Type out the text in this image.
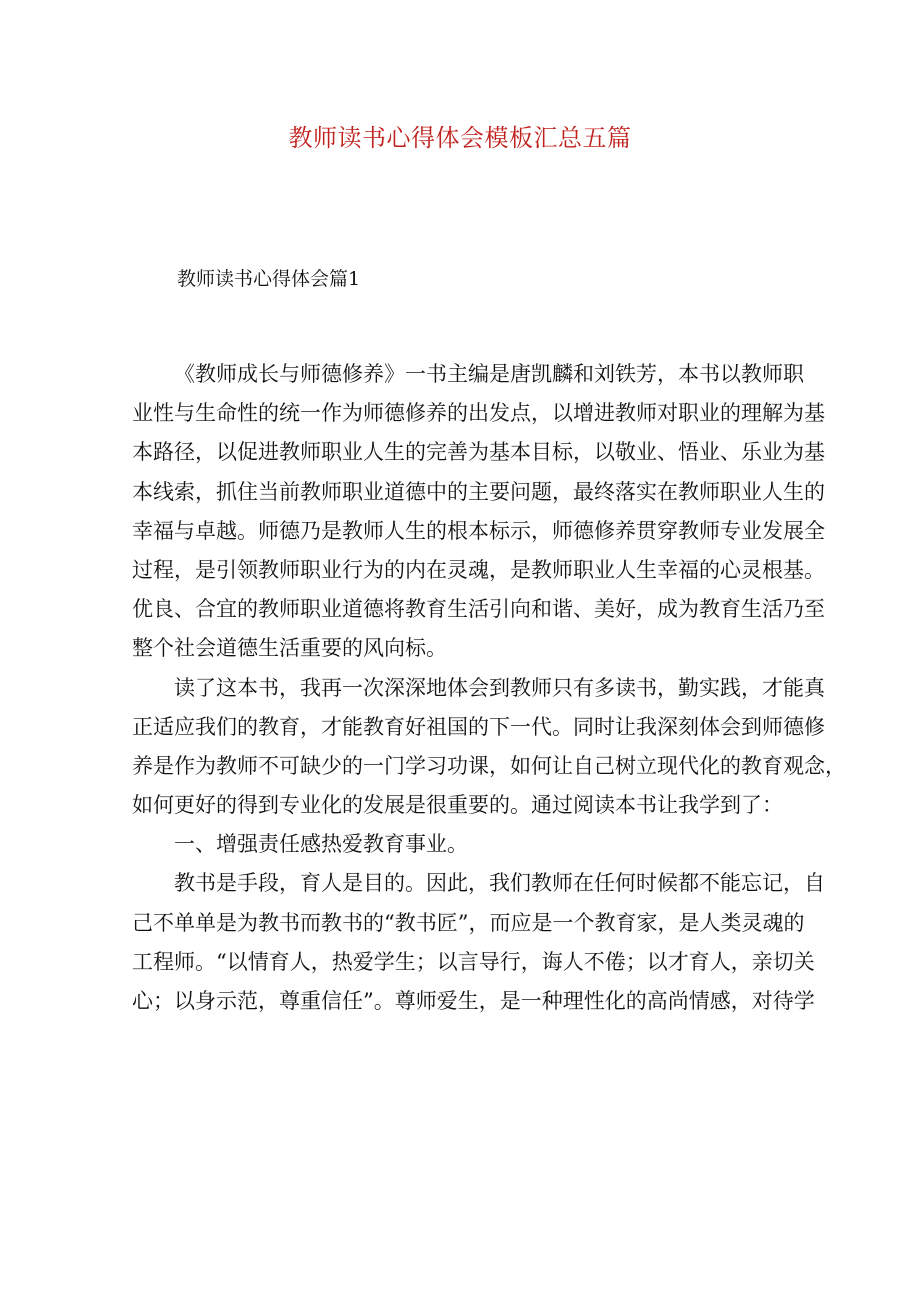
教师读书心得体会模板汇总五篇
教师读书心得体会篇1
《教师成长与师德修养》一书主编是唐凯麟和刘铁芳，本书以教师职
业性与生命性的统一作为师德修养的出发点，以增进教师对职业的理解为基
本路径，以促进教师职业人生的完善为基本目标，以敬业、悟业、乐业为基
本线索，抓住当前教师职业道德中的主要问题，最终落实在教师职业人生的
幸福与卓越。师德乃是教师人生的根本标示，师德修养贯穿教师专业发展全
过程，是引领教师职业行为的内在灵魂，是教师职业人生幸福的心灵根基。
优良、合宜的教师职业道德将教育生活引向和谐、美好，成为教育生活乃至
整个社会道德生活重要的风向标。
读了这本书，我再一次深深地体会到教师只有多读书，勤实践，才能真
正适应我们的教育，才能教育好祖国的下一代。同时让我深刻体会到师德修
养是作为教师不可缺少的一门学习功课，如何让自己树立现代化的教育观念，
如何更好的得到专业化的发展是很重要的。通过阅读本书让我学到了：
一、增强责任感热爱教育事业。
教书是手段，育人是目的。因此，我们教师在任何时候都不能忘记，自
己不单单是为教书而教书的“教书匠”，而应是一个教育家，是人类灵魂的
工程师。“以情育人，热爱学生；以言导行，诲人不倦；以才育人，亲切关
心；以身示范，尊重信任”。尊师爱生，是一种理性化的高尚情感，对待学
